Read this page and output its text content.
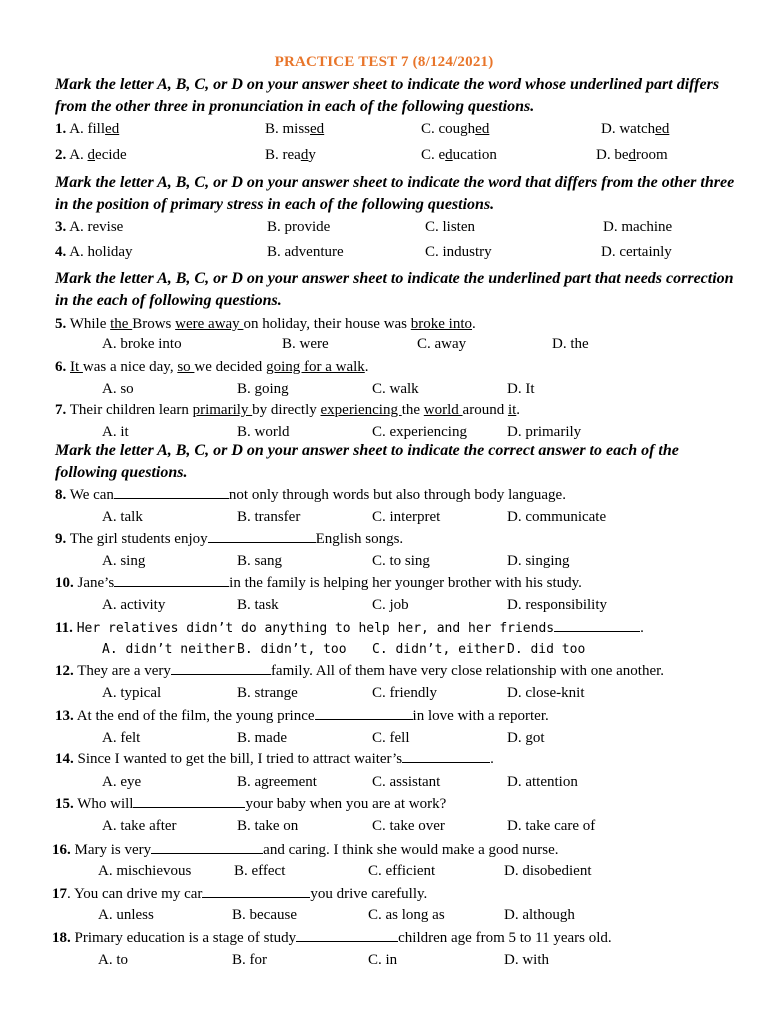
PRACTICE TEST 7 (8/124/2021)
Mark the letter A, B, C, or D on your answer sheet to indicate the word whose underlined part differs from the other three in pronunciation in each of the following questions.
1. A. filled	B. missed	C. coughed	D. watched
2. A. decide	B. ready	C. education	D. bedroom
Mark the letter A, B, C, or D on your answer sheet to indicate the word that differs from the other three in the position of primary stress in each of the following questions.
3. A. revise	B. provide	C. listen	D. machine
4. A. holiday	B. adventure	C. industry	D. certainly
Mark the letter A, B, C, or D on your answer sheet to indicate the underlined part that needs correction in the each of following questions.
5. While the Brows were away on holiday, their house was broke into.
A. broke into	B. were	C. away	D. the
6. It was a nice day, so we decided going for a walk.
A. so	B. going	C. walk	D. It
7. Their children learn primarily by directly experiencing the world around it.
A. it	B. world	C. experiencing	D. primarily
Mark the letter A, B, C, or D on your answer sheet to indicate the correct answer to each of the following questions.
8. We can	not only through words but also through body language.
A. talk	B. transfer	C. interpret	D. communicate
9. The girl students enjoy	English songs.
A. sing	B. sang	C. to sing	D. singing
10. Jane’s	in the family is helping her younger brother with his study.
A. activity	B. task	C. job	D. responsibility
11. Her relatives didn’t do anything to help her, and her friends	.
A. didn’t neither B. didn’t, too C. didn’t, either D. did too
12. They are a very	family. All of them have very close relationship with one another.
A. typical	B. strange	C. friendly	D. close-knit
13. At the end of the film, the young prince	in love with a reporter.
A. felt	B. made	C. fell	D. got
14. Since I wanted to get the bill, I tried to attract waiter’s	.
A. eye	B. agreement	C. assistant	D. attention
15. Who will	your baby when you are at work?
A. take after	B. take on	C. take over	D. take care of
16. Mary is very	and caring. I think she would make a good nurse.
A. mischievous	B. effect	C. efficient	D. disobedient
17. You can drive my car	you drive carefully.
A. unless	B. because	C. as long as	D. although
18. Primary education is a stage of study	children age from 5 to 11 years old.
A. to	B. for	C. in	D. with
